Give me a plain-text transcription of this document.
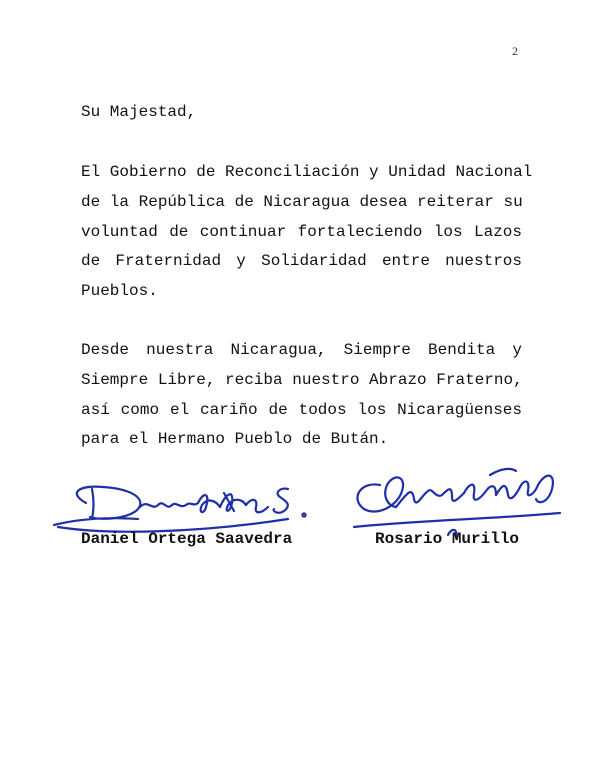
2
Su Majestad,

El Gobierno de Reconciliación y Unidad Nacional
de la República de Nicaragua desea reiterar su
voluntad de continuar fortaleciendo los Lazos
de Fraternidad y Solidaridad entre nuestros
Pueblos.

Desde nuestra Nicaragua, Siempre Bendita y
Siempre Libre, reciba nuestro Abrazo Fraterno,
así como el cariño de todos los Nicaragüenses
para el Hermano Pueblo de Bután.

Daniel Ortega Saavedra	Rosario Murillo
